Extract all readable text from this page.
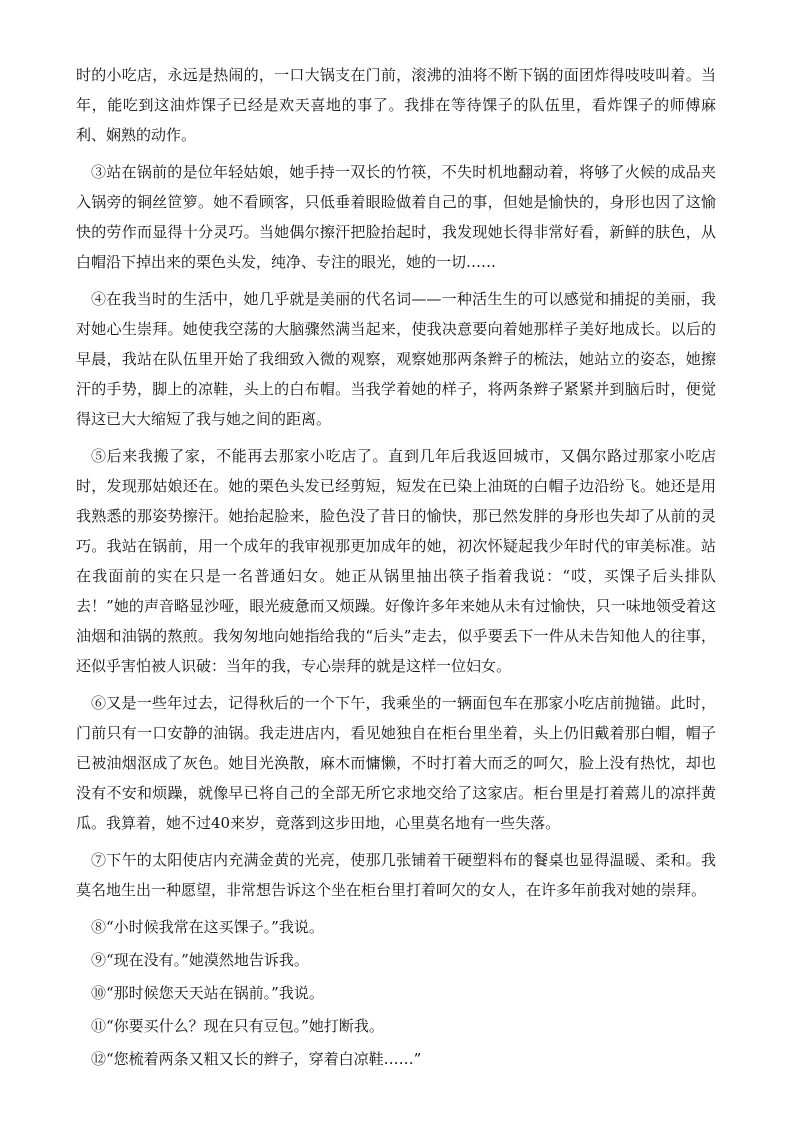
时的小吃店，永远是热闹的，一口大锅支在门前，滚沸的油将不断下锅的面团炸得吱吱叫着。当年，能吃到这油炸馃子已经是欢天喜地的事了。我排在等待馃子的队伍里，看炸馃子的师傅麻利、娴熟的动作。

③站在锅前的是位年轻姑娘，她手持一双长的竹筷，不失时机地翻动着，将够了火候的成品夹入锅旁的铜丝笸箩。她不看顾客，只低垂着眼睑做着自己的事，但她是愉快的，身形也因了这愉快的劳作而显得十分灵巧。当她偶尔擦汗把脸抬起时，我发现她长得非常好看，新鲜的肤色，从白帽沿下掉出来的栗色头发，纯净、专注的眼光，她的一切……

④在我当时的生活中，她几乎就是美丽的代名词——一种活生生的可以感觉和捕捉的美丽，我对她心生崇拜。她使我空荡的大脑骤然满当起来，使我决意要向着她那样子美好地成长。以后的早晨，我站在队伍里开始了我细致入微的观察，观察她那两条辫子的梳法，她站立的姿态，她擦汗的手势，脚上的凉鞋，头上的白布帽。当我学着她的样子，将两条辫子紧紧并到脑后时，便觉得这已大大缩短了我与她之间的距离。

⑤后来我搬了家，不能再去那家小吃店了。直到几年后我返回城市，又偶尔路过那家小吃店时，发现那姑娘还在。她的栗色头发已经剪短，短发在已染上油斑的白帽子边沿纷飞。她还是用我熟悉的那姿势擦汗。她抬起脸来，脸色没了昔日的愉快，那已然发胖的身形也失却了从前的灵巧。我站在锅前，用一个成年的我审视那更加成年的她，初次怀疑起我少年时代的审美标准。站在我面前的实在只是一名普通妇女。她正从锅里抽出筷子指着我说：“哎，买馃子后头排队去！”她的声音略显沙哑，眼光疲惫而又烦躁。好像许多年来她从未有过愉快，只一味地领受着这油烟和油锅的熬煎。我匆匆地向她指给我的“后头”走去，似乎要丢下一件从未告知他人的往事，还似乎害怕被人识破：当年的我，专心崇拜的就是这样一位妇女。

⑥又是一些年过去，记得秋后的一个下午，我乘坐的一辆面包车在那家小吃店前抛锚。此时，门前只有一口安静的油锅。我走进店内，看见她独自在柜台里坐着，头上仍旧戴着那白帽，帽子已被油烟沤成了灰色。她目光涣散，麻木而慵懒，不时打着大而乏的呵欠，脸上没有热忱，却也没有不安和烦躁，就像早已将自己的全部无所它求地交给了这家店。柜台里是打着蔫儿的凉拌黄瓜。我算着，她不过40来岁，竟落到这步田地，心里莫名地有一些失落。

⑦下午的太阳使店内充满金黄的光亮，使那几张铺着干硬塑料布的餐桌也显得温暖、柔和。我莫名地生出一种愿望，非常想告诉这个坐在柜台里打着呵欠的女人，在许多年前我对她的崇拜。

⑧“小时候我常在这买馃子。”我说。

⑨“现在没有。”她漠然地告诉我。

⑩“那时候您天天站在锅前。”我说。

⑪“你要买什么？现在只有豆包。”她打断我。

⑫“您梳着两条又粗又长的辫子，穿着白凉鞋……”
